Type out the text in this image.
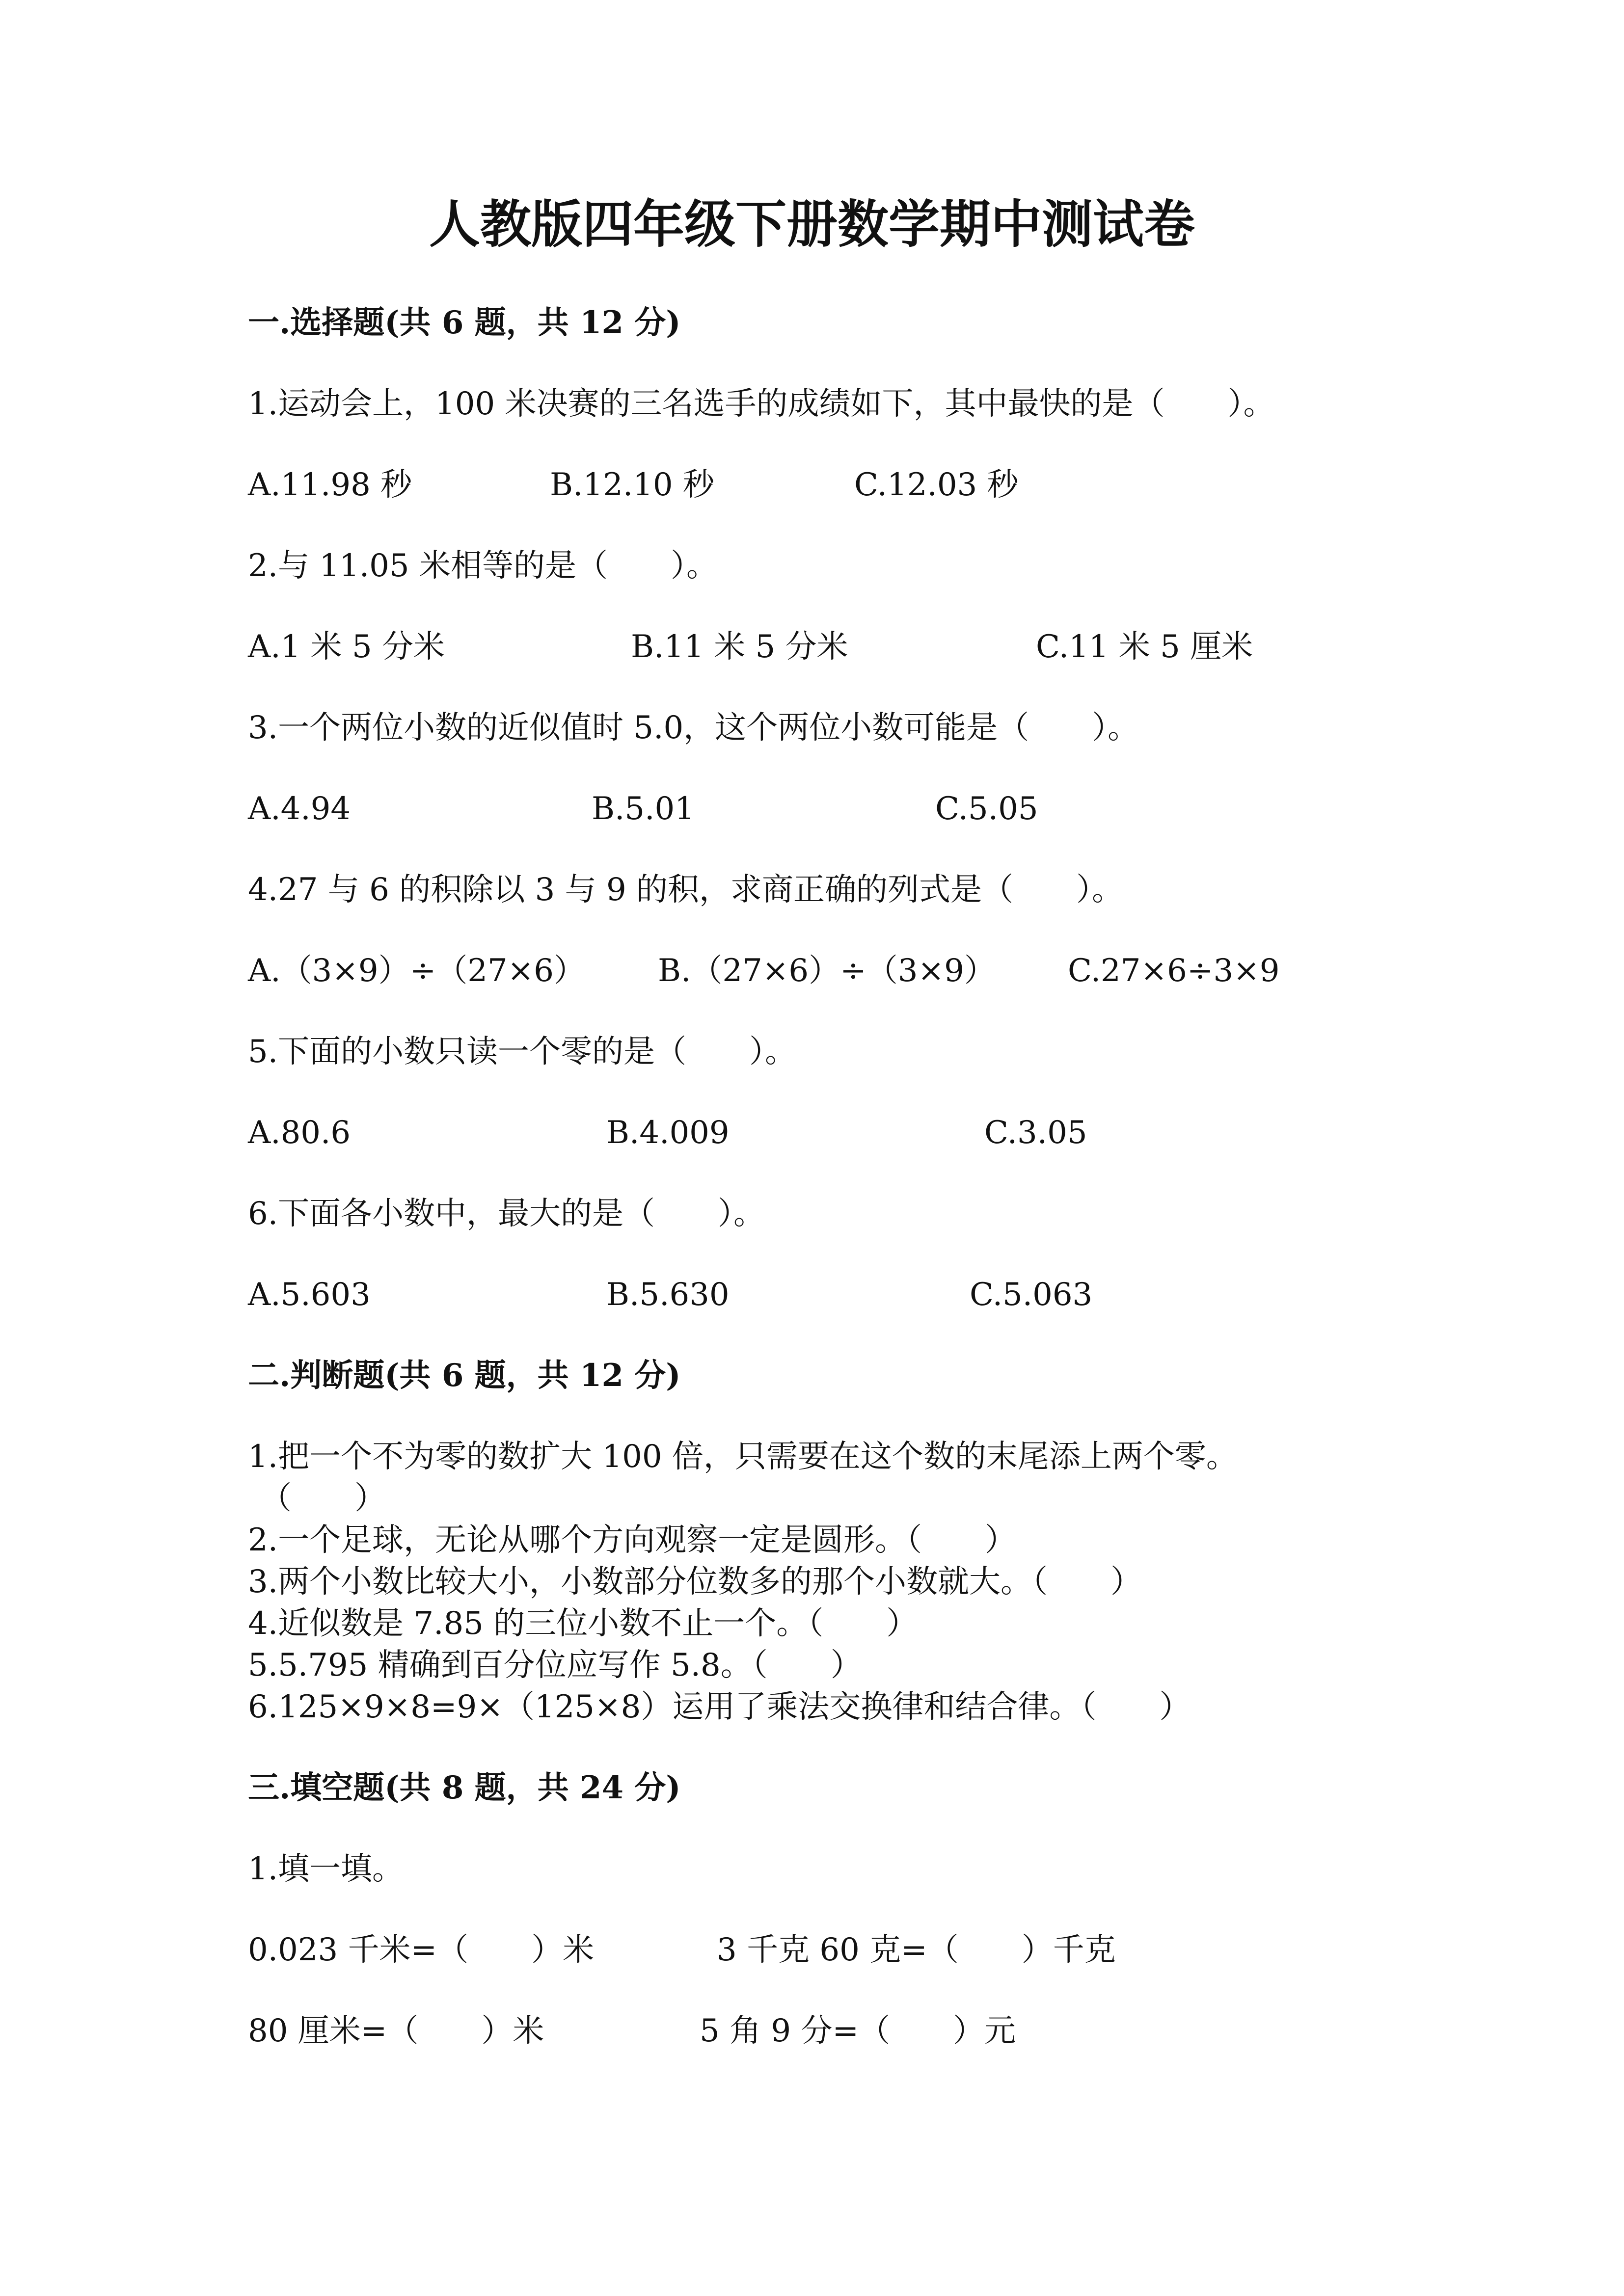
人教版四年级下册数学期中测试卷
一.选择题(共 6 题，共 12 分)
1.运动会上，100 米决赛的三名选手的成绩如下，其中最快的是（　　）。
A.11.98 秒	B.12.10 秒	C.12.03 秒
2.与 11.05 米相等的是（　　）。
A.1 米 5 分米	B.11 米 5 分米	C.11 米 5 厘米
3.一个两位小数的近似值时 5.0，这个两位小数可能是（　　）。
A.4.94	B.5.01	C.5.05
4.27 与 6 的积除以 3 与 9 的积，求商正确的列式是（　　）。
A.（3×9）÷（27×6） B.（27×6）÷（3×9） C.27×6÷3×9
5.下面的小数只读一个零的是（　　）。
A.80.6	B.4.009	C.3.05
6.下面各小数中，最大的是（　　）。
A.5.603	B.5.630	C.5.063
二.判断题(共 6 题，共 12 分)
1.把一个不为零的数扩大 100 倍，只需要在这个数的末尾添上两个零。
（　　）
2.一个足球，无论从哪个方向观察一定是圆形。（　　）
3.两个小数比较大小，小数部分位数多的那个小数就大。（　　）
4.近似数是 7.85 的三位小数不止一个。（　　）
5.5.795 精确到百分位应写作 5.8。（　　）
6.125×9×8=9×（125×8）运用了乘法交换律和结合律。（　　）
三.填空题(共 8 题，共 24 分)
1.填一填。
0.023 千米=（　　）米	3 千克 60 克=（　　）千克
80 厘米=（　　）米	5 角 9 分=（　　）元
